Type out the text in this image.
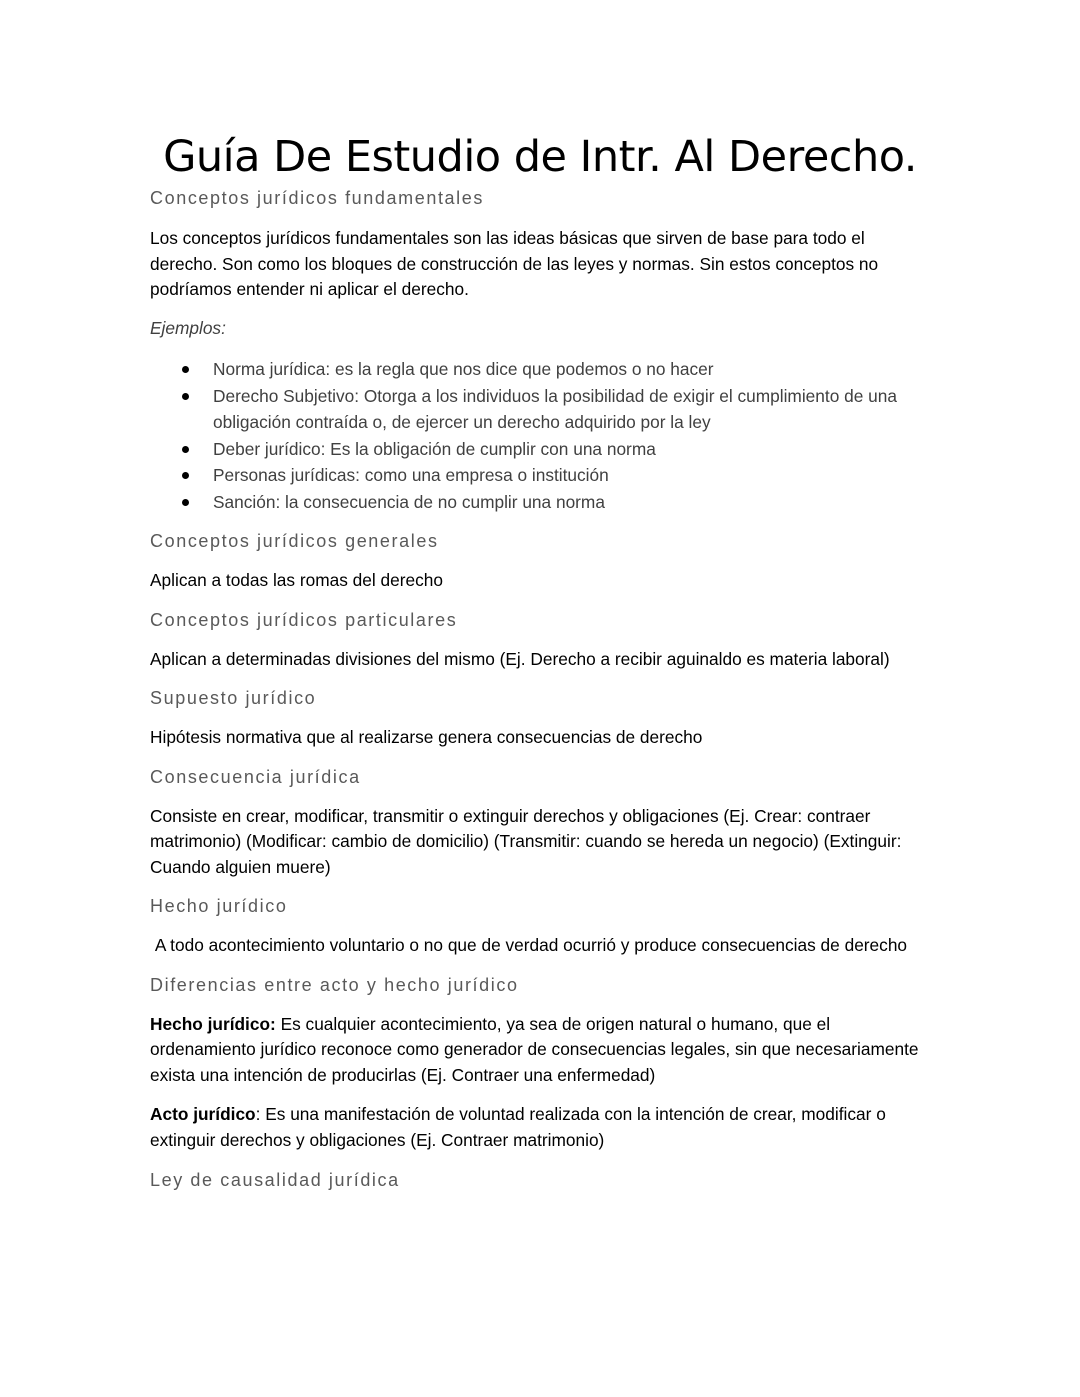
Guía De Estudio de Intr. Al Derecho.

Conceptos jurídicos fundamentales

Los conceptos jurídicos fundamentales son las ideas básicas que sirven de base para todo el derecho. Son como los bloques de construcción de las leyes y normas. Sin estos conceptos no podríamos entender ni aplicar el derecho.

Ejemplos:

Norma jurídica: es la regla que nos dice que podemos o no hacer
Derecho Subjetivo: Otorga a los individuos la posibilidad de exigir el cumplimiento de una obligación contraída o, de ejercer un derecho adquirido por la ley
Deber jurídico: Es la obligación de cumplir con una norma
Personas jurídicas: como una empresa o institución
Sanción: la consecuencia de no cumplir una norma

Conceptos jurídicos generales

Aplican a todas las romas del derecho

Conceptos jurídicos particulares

Aplican a determinadas divisiones del mismo (Ej. Derecho a recibir aguinaldo es materia laboral)

Supuesto jurídico

Hipótesis normativa que al realizarse genera consecuencias de derecho

Consecuencia jurídica

Consiste en crear, modificar, transmitir o extinguir derechos y obligaciones (Ej. Crear: contraer matrimonio) (Modificar: cambio de domicilio) (Transmitir: cuando se hereda un negocio) (Extinguir: Cuando alguien muere)

Hecho jurídico

A todo acontecimiento voluntario o no que de verdad ocurrió y produce consecuencias de derecho

Diferencias entre acto y hecho jurídico

Hecho jurídico: Es cualquier acontecimiento, ya sea de origen natural o humano, que el ordenamiento jurídico reconoce como generador de consecuencias legales, sin que necesariamente exista una intención de producirlas (Ej. Contraer una enfermedad)

Acto jurídico: Es una manifestación de voluntad realizada con la intención de crear, modificar o extinguir derechos y obligaciones (Ej. Contraer matrimonio)

Ley de causalidad jurídica
